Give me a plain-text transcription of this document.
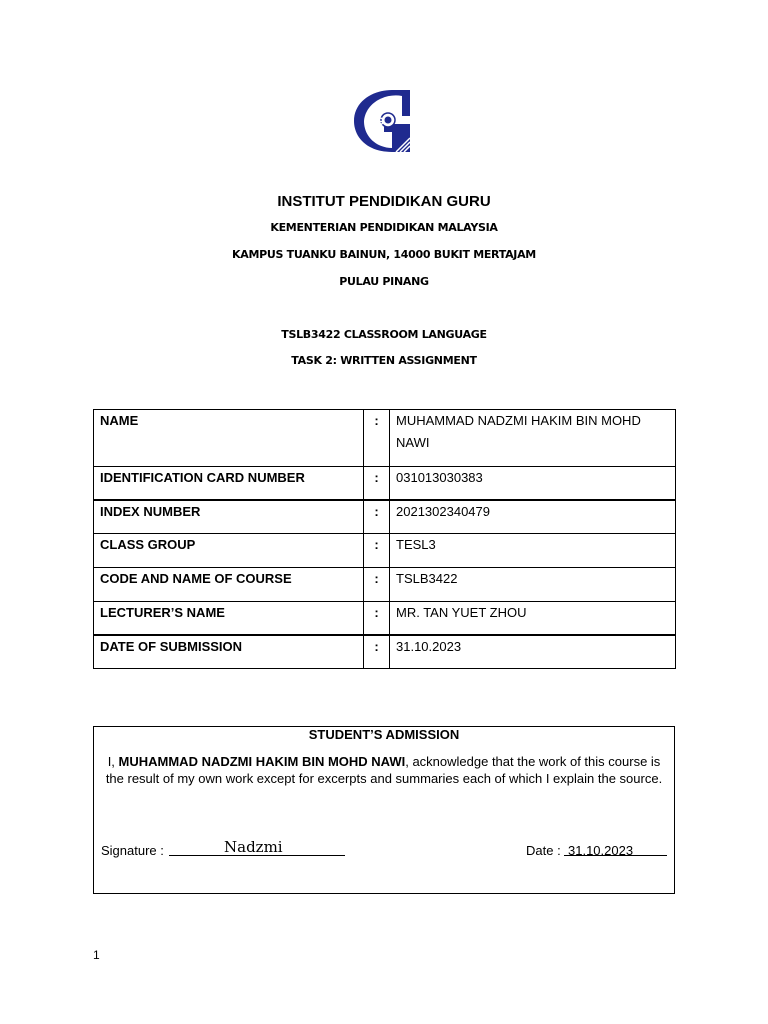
iPG
INSTITUT PENDIDIKAN GURU
KEMENTERIAN PENDIDIKAN MALAYSIA
KAMPUS TUANKU BAINUN, 14000 BUKIT MERTAJAM
PULAU PINANG
TSLB3422 CLASSROOM LANGUAGE
TASK 2: WRITTEN ASSIGNMENT
NAME	:	MUHAMMAD NADZMI HAKIM BIN MOHD NAWI
IDENTIFICATION CARD NUMBER	:	031013030383
INDEX NUMBER	:	2021302340479
CLASS GROUP	:	TESL3
CODE AND NAME OF COURSE	:	TSLB3422
LECTURER’S NAME	:	MR. TAN YUET ZHOU
DATE OF SUBMISSION	:	31.10.2023
STUDENT’S ADMISSION
I, MUHAMMAD NADZMI HAKIM BIN MOHD NAWI, acknowledge that the work of this course is the result of my own work except for excerpts and summaries each of which I explain the source.
Signature :	Nadzmi	Date : 31.10.2023
1
